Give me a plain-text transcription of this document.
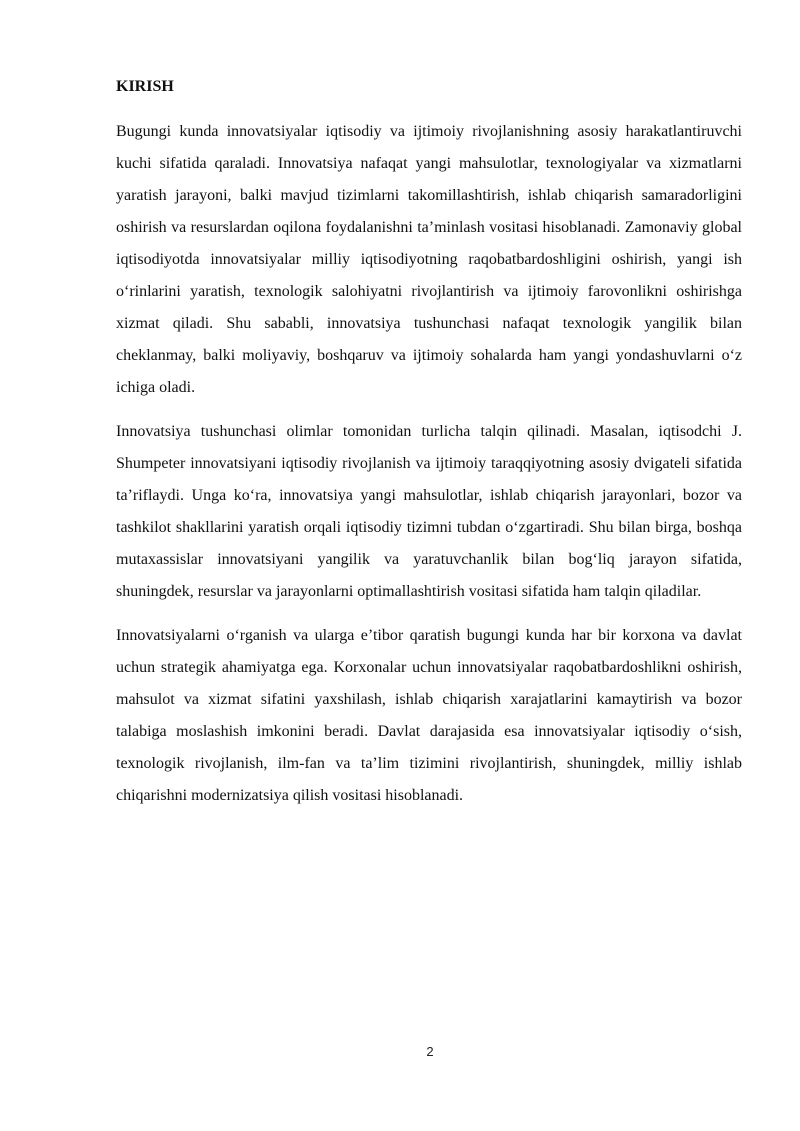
KIRISH

Bugungi kunda innovatsiyalar iqtisodiy va ijtimoiy rivojlanishning asosiy harakatlantiruvchi kuchi sifatida qaraladi. Innovatsiya nafaqat yangi mahsulotlar, texnologiyalar va xizmatlarni yaratish jarayoni, balki mavjud tizimlarni takomillashtirish, ishlab chiqarish samaradorligini oshirish va resurslardan oqilona foydalanishni ta’minlash vositasi hisoblanadi. Zamonaviy global iqtisodiyotda innovatsiyalar milliy iqtisodiyotning raqobatbardoshligini oshirish, yangi ish o‘rinlarini yaratish, texnologik salohiyatni rivojlantirish va ijtimoiy farovonlikni oshirishga xizmat qiladi. Shu sababli, innovatsiya tushunchasi nafaqat texnologik yangilik bilan cheklanmay, balki moliyaviy, boshqaruv va ijtimoiy sohalarda ham yangi yondashuvlarni o‘z ichiga oladi.

Innovatsiya tushunchasi olimlar tomonidan turlicha talqin qilinadi. Masalan, iqtisodchi J. Shumpeter innovatsiyani iqtisodiy rivojlanish va ijtimoiy taraqqiyotning asosiy dvigateli sifatida ta’riflaydi. Unga ko‘ra, innovatsiya yangi mahsulotlar, ishlab chiqarish jarayonlari, bozor va tashkilot shakllarini yaratish orqali iqtisodiy tizimni tubdan o‘zgartiradi. Shu bilan birga, boshqa mutaxassislar innovatsiyani yangilik va yaratuvchanlik bilan bog‘liq jarayon sifatida, shuningdek, resurslar va jarayonlarni optimallashtirish vositasi sifatida ham talqin qiladilar.

Innovatsiyalarni o‘rganish va ularga e’tibor qaratish bugungi kunda har bir korxona va davlat uchun strategik ahamiyatga ega. Korxonalar uchun innovatsiyalar raqobatbardoshlikni oshirish, mahsulot va xizmat sifatini yaxshilash, ishlab chiqarish xarajatlarini kamaytirish va bozor talabiga moslashish imkonini beradi. Davlat darajasida esa innovatsiyalar iqtisodiy o‘sish, texnologik rivojlanish, ilm-fan va ta’lim tizimini rivojlantirish, shuningdek, milliy ishlab chiqarishni modernizatsiya qilish vositasi hisoblanadi.

2
